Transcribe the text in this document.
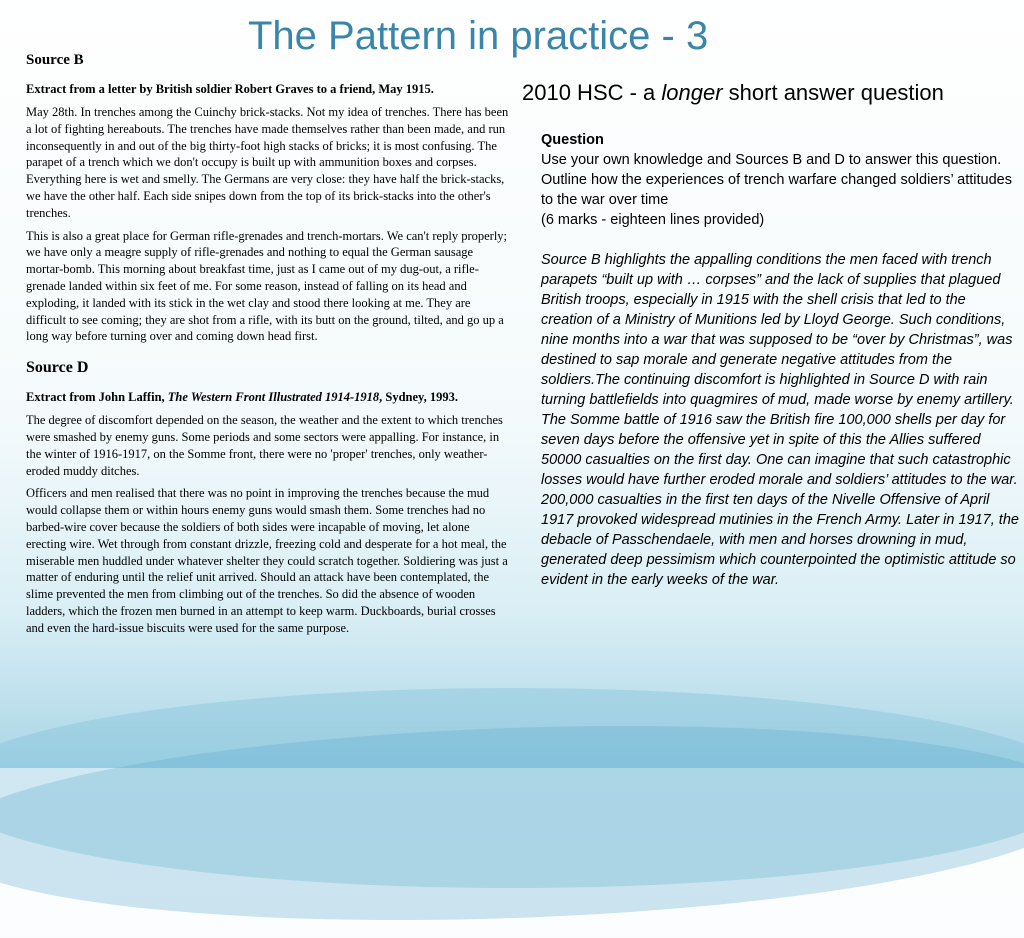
The Pattern in practice - 3
2010 HSC - a longer short answer question
Source B

Extract from a letter by British soldier Robert Graves to a friend, May 1915.

May 28th. In trenches among the Cuinchy brick-stacks. Not my idea of trenches. There has been a lot of fighting hereabouts. The trenches have made themselves rather than been made, and run inconsequently in and out of the big thirty-foot high stacks of bricks; it is most confusing. The parapet of a trench which we don't occupy is built up with ammunition boxes and corpses. Everything here is wet and smelly. The Germans are very close: they have half the brick-stacks, we have the other half. Each side snipes down from the top of its brick-stacks into the other's trenches.

This is also a great place for German rifle-grenades and trench-mortars. We can't reply properly; we have only a meagre supply of rifle-grenades and nothing to equal the German sausage mortar-bomb. This morning about breakfast time, just as I came out of my dug-out, a rifle-grenade landed within six feet of me. For some reason, instead of falling on its head and exploding, it landed with its stick in the wet clay and stood there looking at me. They are difficult to see coming; they are shot from a rifle, with its butt on the ground, tilted, and go up a long way before turning over and coming down head first.

Source D

Extract from John Laffin, The Western Front Illustrated 1914-1918, Sydney, 1993.

The degree of discomfort depended on the season, the weather and the extent to which trenches were smashed by enemy guns. Some periods and some sectors were appalling. For instance, in the winter of 1916-1917, on the Somme front, there were no 'proper' trenches, only weather-eroded muddy ditches.

Officers and men realised that there was no point in improving the trenches because the mud would collapse them or within hours enemy guns would smash them. Some trenches had no barbed-wire cover because the soldiers of both sides were incapable of moving, let alone erecting wire. Wet through from constant drizzle, freezing cold and desperate for a hot meal, the miserable men huddled under whatever shelter they could scratch together. Soldiering was just a matter of enduring until the relief unit arrived. Should an attack have been contemplated, the slime prevented the men from climbing out of the trenches. So did the absence of wooden ladders, which the frozen men burned in an attempt to keep warm. Duckboards, burial crosses and even the hard-issue biscuits were used for the same purpose.

Question

Use your own knowledge and Sources B and D to answer this question.

Outline how the experiences of trench warfare changed soldiers’ attitudes to the war over time

(6 marks - eighteen lines provided)

Source B highlights the appalling conditions the men faced with trench parapets “built up with … corpses” and the lack of supplies that plagued British troops, especially in 1915 with the shell crisis that led to the creation of a Ministry of Munitions led by Lloyd George. Such conditions, nine months into a war that was supposed to be “over by Christmas”, was destined to sap morale and generate negative attitudes from the soldiers.The continuing discomfort is highlighted in Source D with rain turning battlefields into quagmires of mud, made worse by enemy artillery. The Somme battle of 1916 saw the British fire 100,000 shells per day for seven days before the offensive yet in spite of this the Allies suffered 50000 casualties on the first day. One can imagine that such catastrophic losses would have further eroded morale and soldiers’ attitudes to the war. 200,000 casualties in the first ten days of the Nivelle Offensive of April 1917 provoked widespread mutinies in the French Army. Later in 1917, the debacle of Passchendaele, with men and horses drowning in mud, generated deep pessimism which counterpointed the optimistic attitude so evident in the early weeks of the war.
